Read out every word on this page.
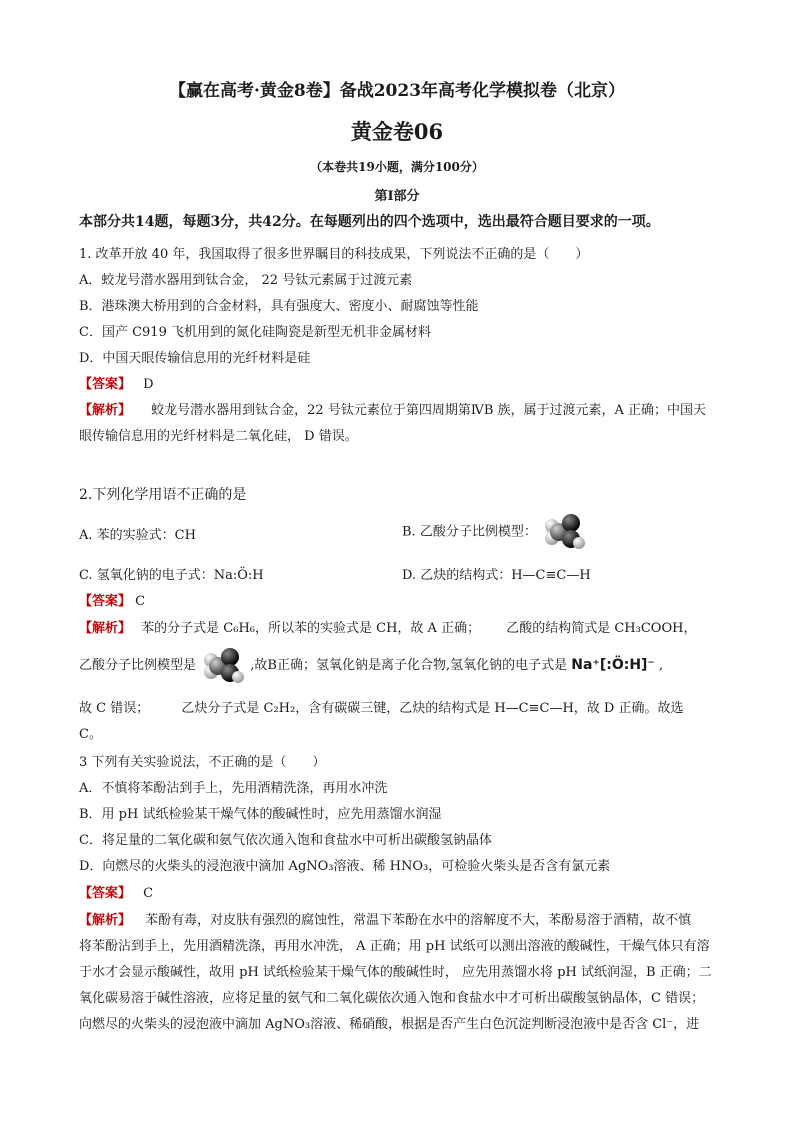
【赢在高考·黄金8卷】备战2023年高考化学模拟卷（北京）
黄金卷06
（本卷共19小题，满分100分）
第Ⅰ部分
本部分共14题，每题3分，共42分。在每题列出的四个选项中，选出最符合题目要求的一项。
1. 改革开放 40 年，我国取得了很多世界瞩目的科技成果，下列说法不正确的是（　　）
A．蛟龙号潜水器用到钛合金， 22 号钛元素属于过渡元素
B．港珠澳大桥用到的合金材料，具有强度大、密度小、耐腐蚀等性能
C．国产 C919 飞机用到的氮化硅陶瓷是新型无机非金属材料
D．中国天眼传输信息用的光纤材料是硅
【答案】 D
【解析】 蛟龙号潜水器用到钛合金，22 号钛元素位于第四周期第ⅣB 族，属于过渡元素，A 正确；中国天
眼传输信息用的光纤材料是二氧化硅， D 错误。
2.下列化学用语不正确的是
A. 苯的实验式：CH	B. 乙酸分子比例模型：
C. 氢氧化钠的电子式：Na:Ö:H	D. 乙炔的结构式：H—C≡C—H
【答案】 C
【解析】 苯的分子式是 C₆H₆，所以苯的实验式是 CH，故 A 正确； 乙酸的结构简式是 CH₃COOH，
乙酸分子比例模型是	,故B正确；氢氧化钠是离子化合物,氢氧化钠的电子式是 Na⁺[:Ö:H]⁻ ,
故 C 错误； 乙炔分子式是 C₂H₂，含有碳碳三键，乙炔的结构式是 H—C≡C—H，故 D 正确。故选
C。
3 下列有关实验说法，不正确的是（　　）
A．不慎将苯酚沾到手上，先用酒精洗涤，再用水冲洗
B．用 pH 试纸检验某干燥气体的酸碱性时，应先用蒸馏水润湿
C．将足量的二氧化碳和氨气依次通入饱和食盐水中可析出碳酸氢钠晶体
D．向燃尽的火柴头的浸泡液中滴加 AgNO₃溶液、稀 HNO₃，可检验火柴头是否含有氯元素
【答案】 C
【解析】 苯酚有毒，对皮肤有强烈的腐蚀性，常温下苯酚在水中的溶解度不大，苯酚易溶于酒精，故不慎
将苯酚沾到手上，先用酒精洗涤，再用水冲洗， A 正确；用 pH 试纸可以测出溶液的酸碱性，干燥气体只有溶
于水才会显示酸碱性，故用 pH 试纸检验某干燥气体的酸碱性时， 应先用蒸馏水将 pH 试纸润湿，B 正确；二
氧化碳易溶于碱性溶液，应将足量的氨气和二氧化碳依次通入饱和食盐水中才可析出碳酸氢钠晶体，C 错误；
向燃尽的火柴头的浸泡液中滴加 AgNO₃溶液、稀硝酸，根据是否产生白色沉淀判断浸泡液中是否含 Cl⁻，进
